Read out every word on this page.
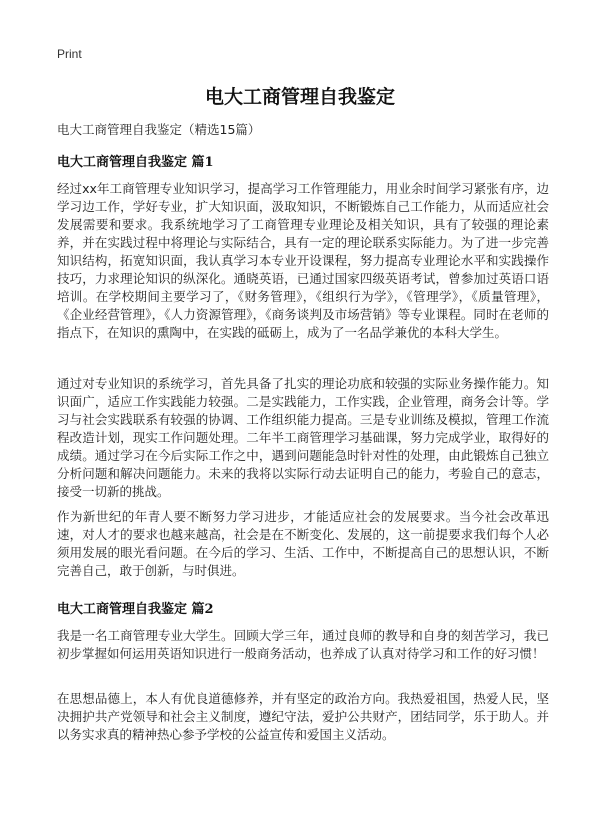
Print
电大工商管理自我鉴定
电大工商管理自我鉴定（精选15篇）
电大工商管理自我鉴定 篇1
经过xx年工商管理专业知识学习，提高学习工作管理能力，用业余时间学习紧张有序，边学习边工作，学好专业，扩大知识面，汲取知识，不断锻炼自己工作能力，从而适应社会发展需要和要求。我系统地学习了工商管理专业理论及相关知识，具有了较强的理论素养，并在实践过程中将理论与实际结合，具有一定的理论联系实际能力。为了进一步完善知识结构，拓宽知识面，我认真学习本专业开设课程，努力提高专业理论水平和实践操作技巧，力求理论知识的纵深化。通晓英语，已通过国家四级英语考试，曾参加过英语口语培训。在学校期间主要学习了，《财务管理》，《组织行为学》，《管理学》，《质量管理》，《企业经营管理》，《人力资源管理》，《商务谈判及市场营销》等专业课程。同时在老师的指点下，在知识的熏陶中，在实践的砥砺上，成为了一名品学兼优的本科大学生。
通过对专业知识的系统学习，首先具备了扎实的理论功底和较强的实际业务操作能力。知识面广，适应工作实践能力较强。二是实践能力，工作实践，企业管理，商务会计等。学习与社会实践联系有较强的协调、工作组织能力提高。三是专业训练及模拟，管理工作流程改造计划，现实工作问题处理。二年半工商管理学习基础课，努力完成学业，取得好的成绩。通过学习在今后实际工作之中，遇到问题能急时针对性的处理，由此锻炼自己独立分析问题和解决问题能力。未来的我将以实际行动去证明自己的能力，考验自己的意志，接受一切新的挑战。
作为新世纪的年青人要不断努力学习进步，才能适应社会的发展要求。当今社会改革迅速，对人才的要求也越来越高，社会是在不断变化、发展的，这一前提要求我们每个人必须用发展的眼光看问题。在今后的学习、生活、工作中，不断提高自己的思想认识，不断完善自己，敢于创新，与时俱进。
电大工商管理自我鉴定 篇2
我是一名工商管理专业大学生。回顾大学三年，通过良师的教导和自身的刻苦学习，我已初步掌握如何运用英语知识进行一般商务活动，也养成了认真对待学习和工作的好习惯！
在思想品德上，本人有优良道德修养，并有坚定的政治方向。我热爱祖国，热爱人民，坚决拥护共产党领导和社会主义制度，遵纪守法，爱护公共财产，团结同学，乐于助人。并以务实求真的精神热心参予学校的公益宣传和爱国主义活动。
